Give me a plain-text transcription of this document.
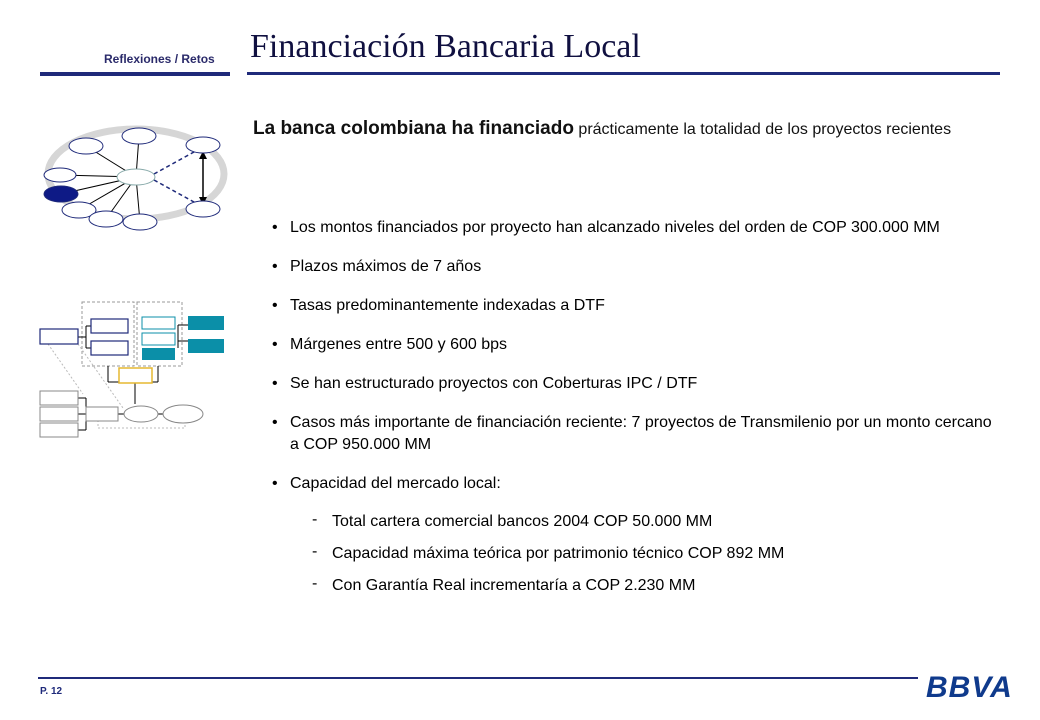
Reflexiones / Retos Financiación Bancaria Local
La banca colombiana ha financiado prácticamente la totalidad de los proyectos recientes
• Los montos financiados por proyecto han alcanzado niveles del orden de COP 300.000 MM
• Plazos máximos de 7 años
• Tasas predominantemente indexadas a DTF
• Márgenes entre 500 y 600 bps
• Se han estructurado proyectos con Coberturas IPC / DTF
• Casos más importante de financiación reciente: 7 proyectos de Transmilenio por un monto cercano a COP 950.000 MM
• Capacidad del mercado local:
- Total cartera comercial bancos 2004 COP 50.000 MM
- Capacidad máxima teórica por patrimonio técnico COP 892 MM
- Con Garantía Real incrementaría a COP 2.230 MM
P. 12	BBVA
